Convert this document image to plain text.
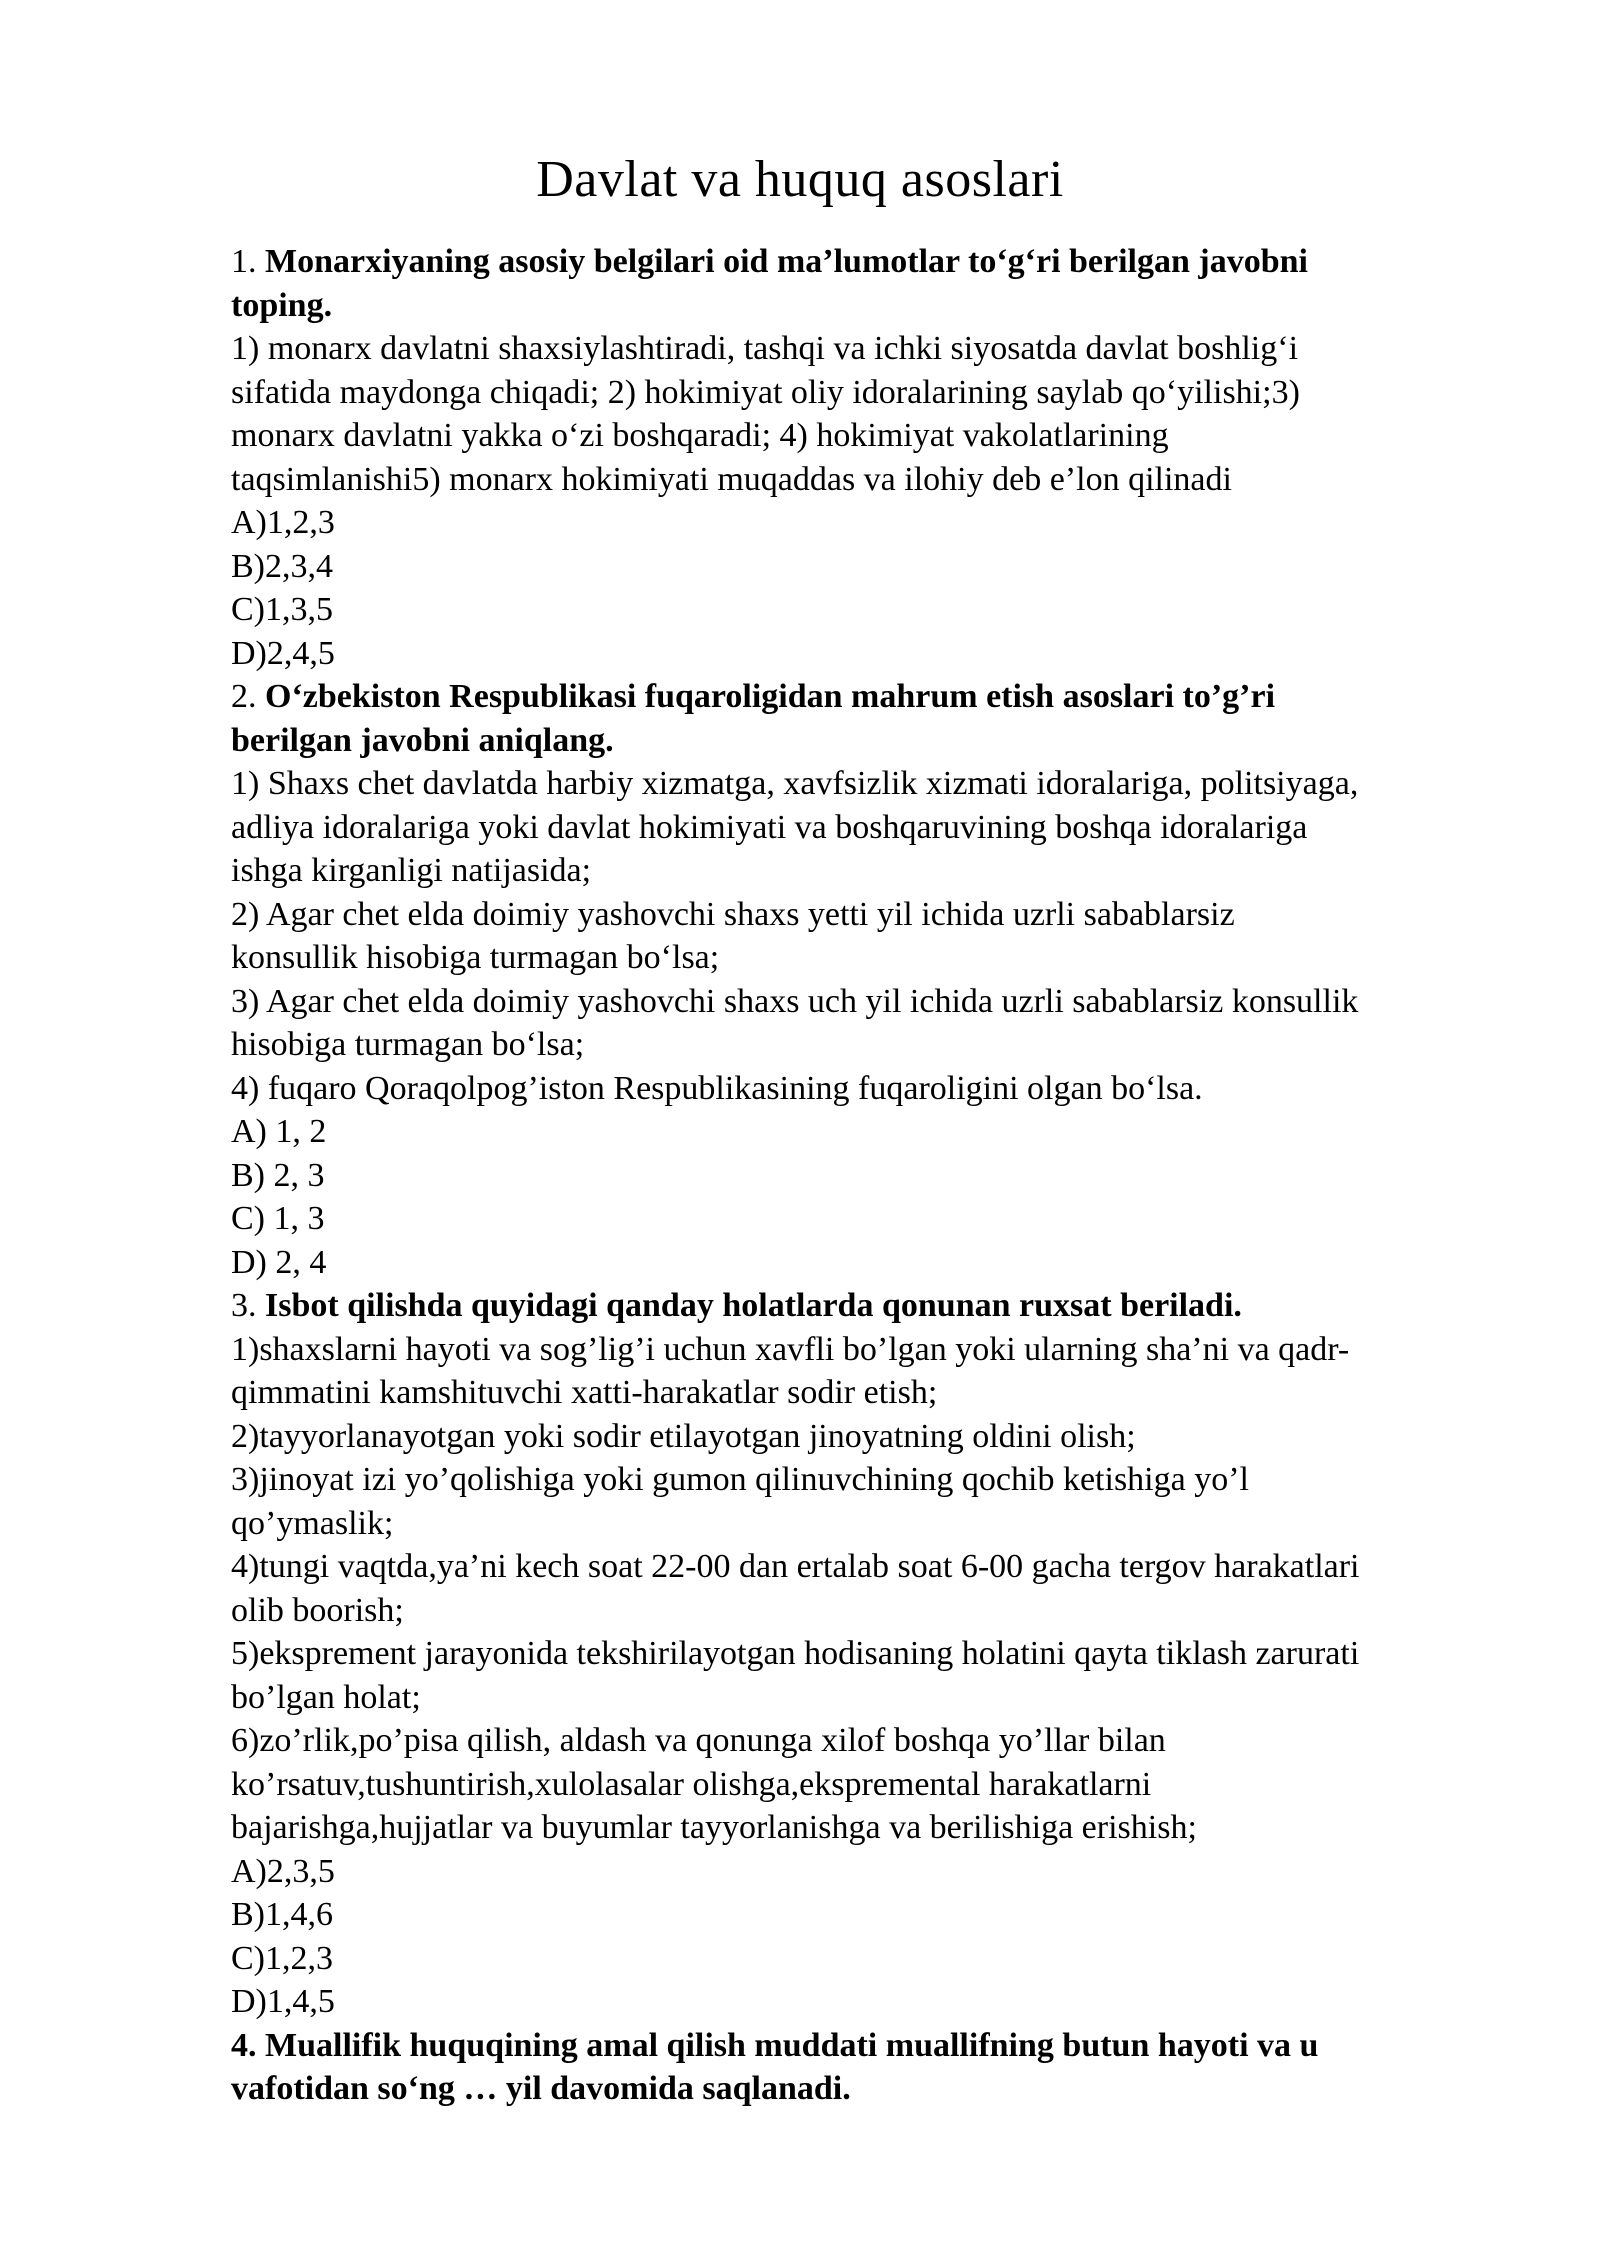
Davlat va huquq asoslari
1. Monarxiyaning asosiy belgilari oid ma’lumotlar to‘g‘ri berilgan javobni
toping.
1) monarx davlatni shaxsiylashtiradi, tashqi va ichki siyosatda davlat boshlig‘i
sifatida maydonga chiqadi; 2) hokimiyat oliy idoralarining saylab qo‘yilishi;3)
monarx davlatni yakka o‘zi boshqaradi; 4) hokimiyat vakolatlarining
taqsimlanishi5) monarx hokimiyati muqaddas va ilohiy deb e’lon qilinadi
A)1,2,3
B)2,3,4
C)1,3,5
D)2,4,5
2. O‘zbekiston Respublikasi fuqaroligidan mahrum etish asoslari to’g’ri
berilgan javobni aniqlang.
1) Shaxs chet davlatda harbiy xizmatga, xavfsizlik xizmati idoralariga, politsiyaga,
adliya idoralariga yoki davlat hokimiyati va boshqaruvining boshqa idoralariga
ishga kirganligi natijasida;
2) Agar chet elda doimiy yashovchi shaxs yetti yil ichida uzrli sabablarsiz
konsullik hisobiga turmagan bo‘lsa;
3) Agar chet elda doimiy yashovchi shaxs uch yil ichida uzrli sabablarsiz konsullik
hisobiga turmagan bo‘lsa;
4) fuqaro Qoraqolpog’iston Respublikasining fuqaroligini olgan bo‘lsa.
A) 1, 2
B) 2, 3
C) 1, 3
D) 2, 4
3. Isbot qilishda quyidagi qanday holatlarda qonunan ruxsat beriladi.
1)shaxslarni hayoti va sog’lig’i uchun xavfli bo’lgan yoki ularning sha’ni va qadr-
qimmatini kamshituvchi xatti-harakatlar sodir etish;
2)tayyorlanayotgan yoki sodir etilayotgan jinoyatning oldini olish;
3)jinoyat izi yo’qolishiga yoki gumon qilinuvchining qochib ketishiga yo’l
qo’ymaslik;
4)tungi vaqtda,ya’ni kech soat 22-00 dan ertalab soat 6-00 gacha tergov harakatlari
olib boorish;
5)ekspremеnt jarayonida tekshirilayotgan hodisaning holatini qayta tiklash zarurati
bo’lgan holat;
6)zo’rlik,po’pisa qilish, aldash va qonunga xilof boshqa yo’llar bilan
ko’rsatuv,tushuntirish,xulolasalar olishga,ekspremental harakatlarni
bajarishga,hujjatlar va buyumlar tayyorlanishga va berilishiga erishish;
A)2,3,5
B)1,4,6
C)1,2,3
D)1,4,5
4. Muallifik huquqining amal qilish muddati muallifning butun hayoti va u
vafotidan so‘ng … yil davomida saqlanadi.
